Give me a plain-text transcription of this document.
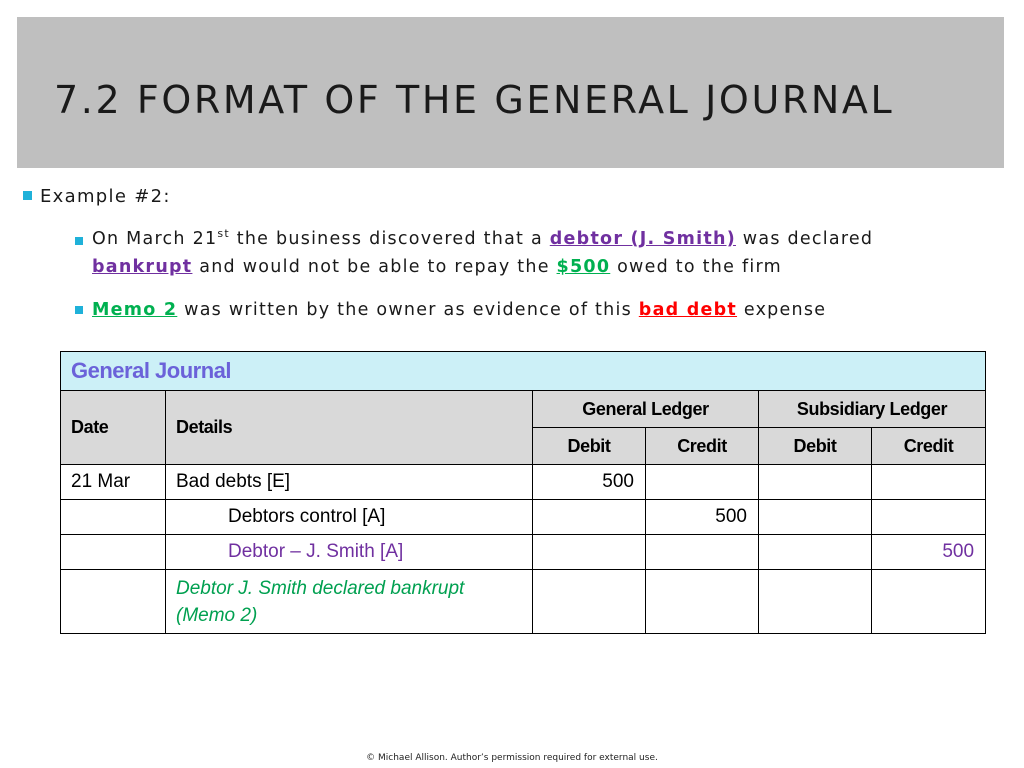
7.2 FORMAT OF THE GENERAL JOURNAL
Example #2:
On March 21st the business discovered that a debtor (J. Smith) was declared
bankrupt and would not be able to repay the $500 owed to the firm
Memo 2 was written by the owner as evidence of this bad debt expense
General Journal					
Date	Details	General Ledger		Subsidiary Ledger	
		Debit	Credit	Debit	Credit
21 Mar	Bad debts [E]	500			
	Debtors control [A]		500		
	Debtor – J. Smith [A]				500
	Debtor J. Smith declared bankrupt
(Memo 2)				
© Michael Allison. Author’s permission required for external use.
